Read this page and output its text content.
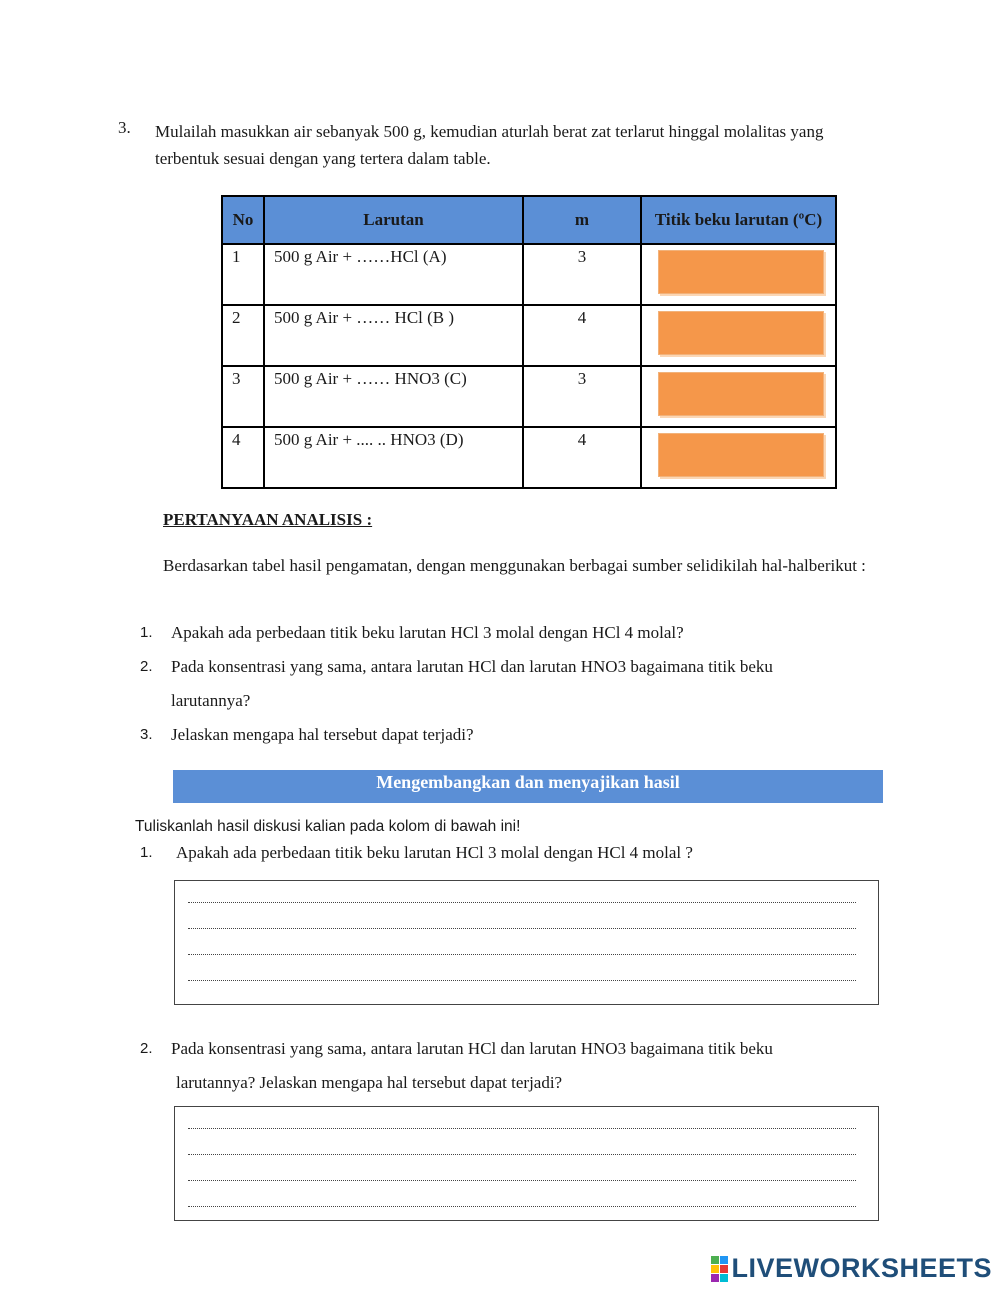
3. Mulailah masukkan air sebanyak 500 g, kemudian aturlah berat zat terlarut hinggal molalitas yang terbentuk sesuai dengan yang tertera dalam table.
No	Larutan	m	Titik beku larutan (ºC)
1	500 g Air + ……HCl (A)	3	

2	500 g Air + …… HCl (B )	4	

3	500 g Air + …… HNO3 (C)	3	

4	500 g Air + .... .. HNO3 (D)	4	
PERTANYAAN ANALISIS :
Berdasarkan tabel hasil pengamatan, dengan menggunakan berbagai sumber selidikilah hal-halberikut :
1.	Apakah ada perbedaan titik beku larutan HCl 3 molal dengan HCl 4 molal?
2.	Pada konsentrasi yang sama, antara larutan HCl dan larutan HNO3 bagaimana titik beku
larutannya?
3.	Jelaskan mengapa hal tersebut dapat terjadi?
Mengembangkan dan menyajikan hasil
Tuliskanlah hasil diskusi kalian pada kolom di bawah ini!
1.	Apakah ada perbedaan titik beku larutan HCl 3 molal dengan HCl 4 molal ?
2.	Pada konsentrasi yang sama, antara larutan HCl dan larutan HNO3 bagaimana titik beku
larutannya? Jelaskan mengapa hal tersebut dapat terjadi?
LIVEWORKSHEETS
